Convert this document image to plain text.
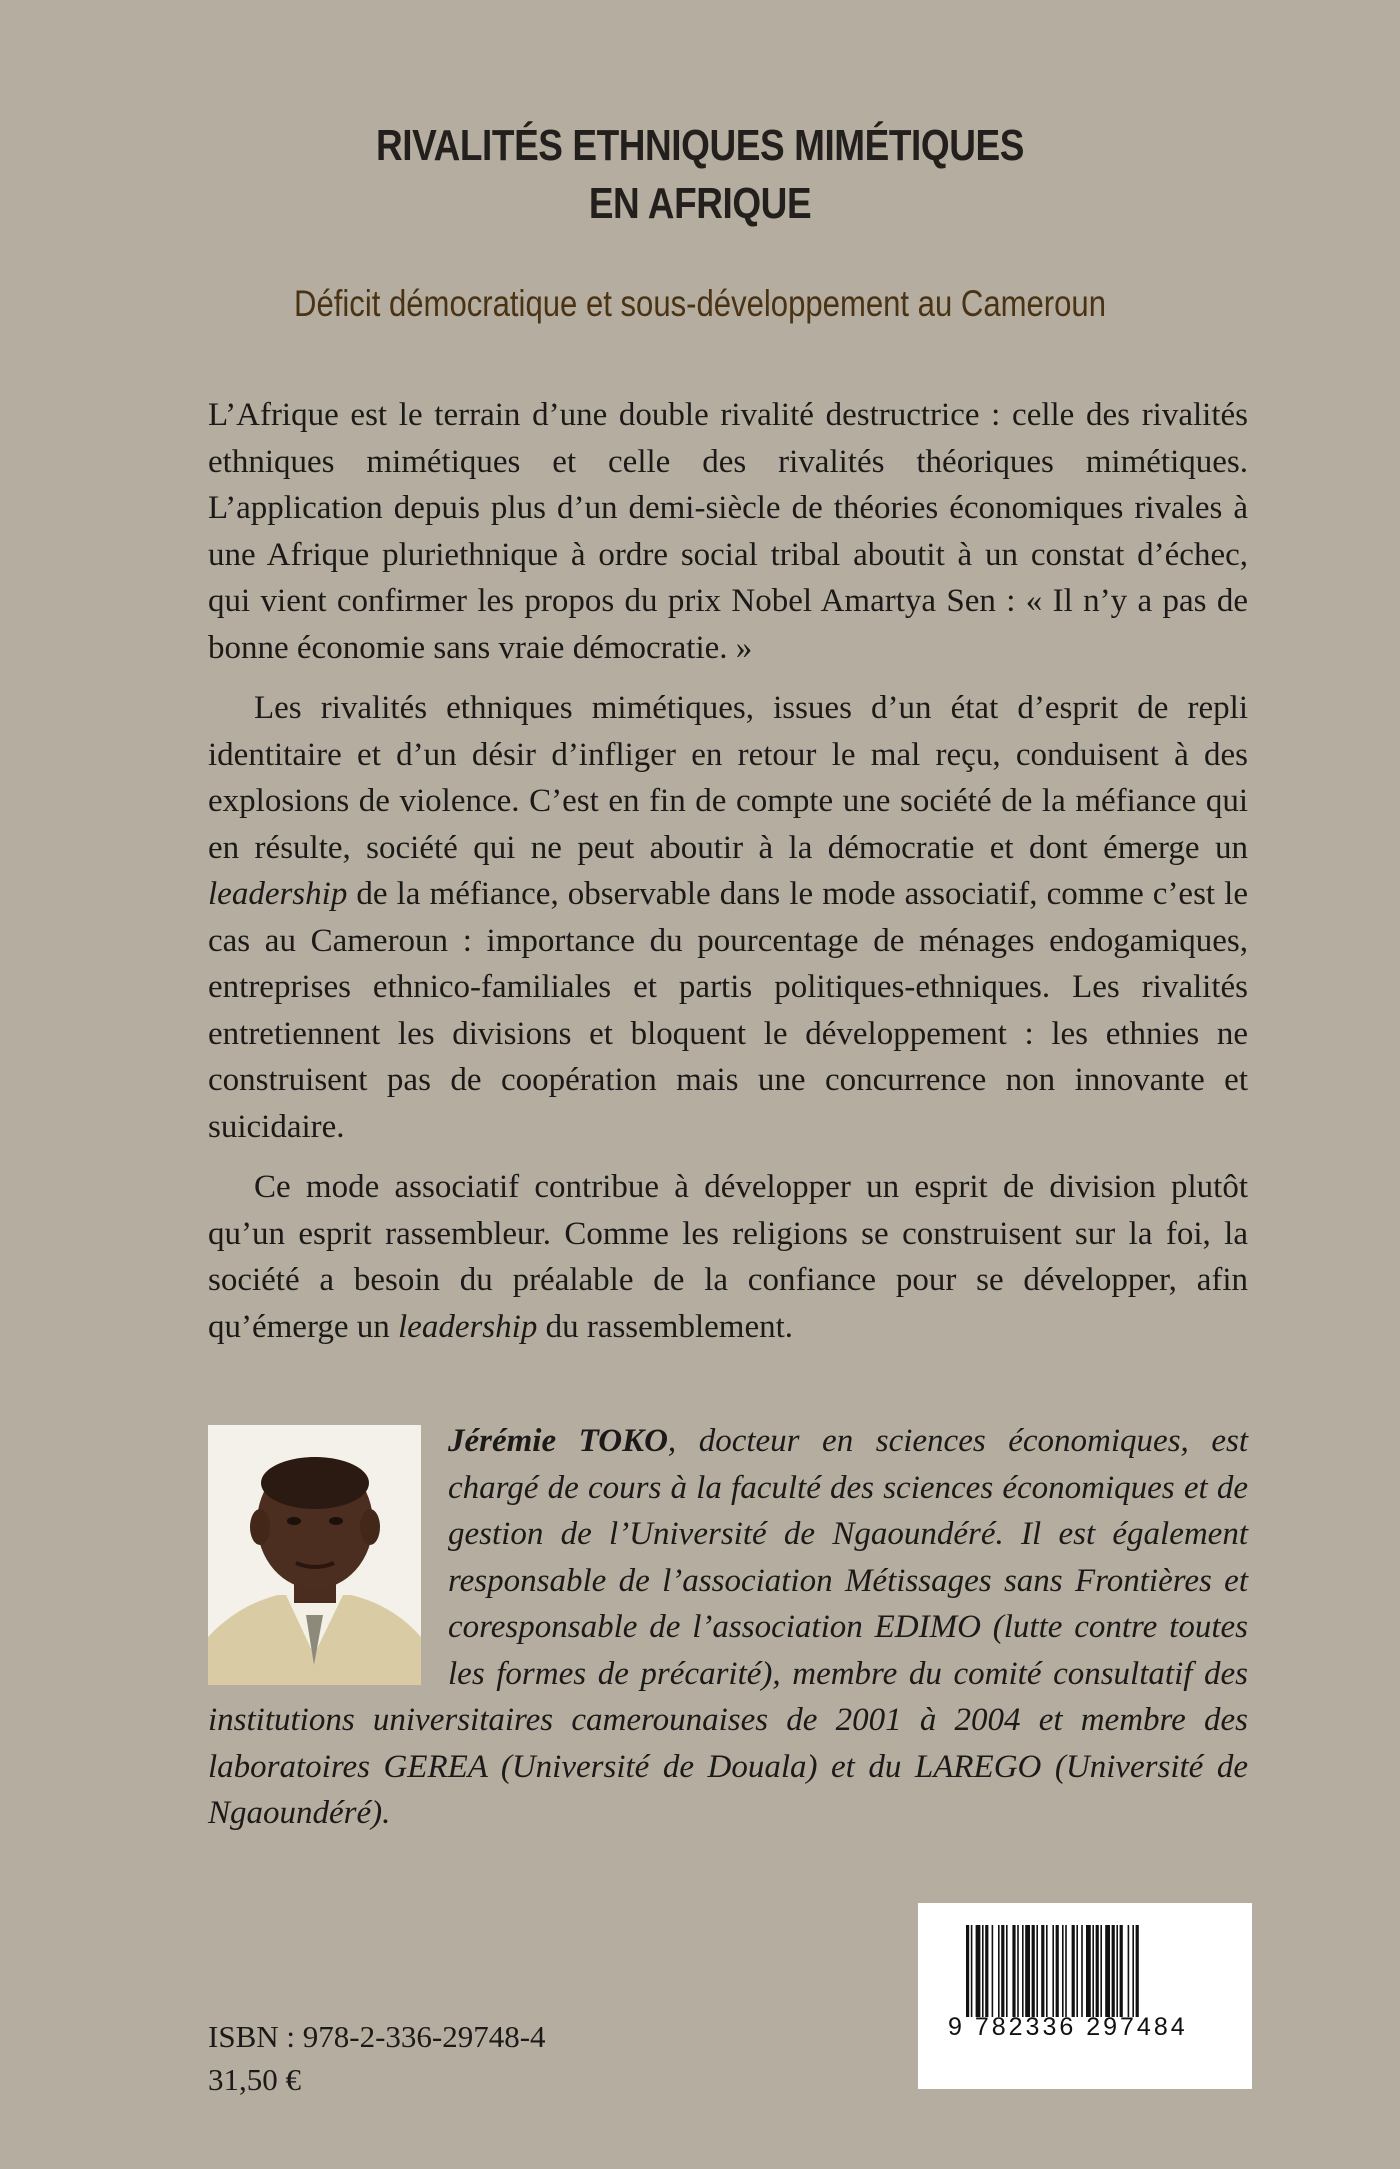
RIVALITÉS ETHNIQUES MIMÉTIQUES
EN AFRIQUE
Déficit démocratique et sous-développement au Cameroun

L’Afrique est le terrain d’une double rivalité destructrice : celle des rivalités ethniques mimétiques et celle des rivalités théoriques mimétiques. L’application depuis plus d’un demi-siècle de théories économiques rivales à une Afrique pluriethnique à ordre social tribal aboutit à un constat d’échec, qui vient confirmer les propos du prix Nobel Amartya Sen : « Il n’y a pas de bonne économie sans vraie démocratie. »

Les rivalités ethniques mimétiques, issues d’un état d’esprit de repli identitaire et d’un désir d’infliger en retour le mal reçu, conduisent à des explosions de violence. C’est en fin de compte une société de la méfiance qui en résulte, société qui ne peut aboutir à la démocratie et dont émerge un leadership de la méfiance, observable dans le mode associatif, comme c’est le cas au Cameroun : importance du pourcentage de ménages endogamiques, entreprises ethnico-familiales et partis politiques-ethniques. Les rivalités entretiennent les divisions et bloquent le développement : les ethnies ne construisent pas de coopération mais une concurrence non innovante et suicidaire.

Ce mode associatif contribue à développer un esprit de division plutôt qu’un esprit rassembleur. Comme les religions se construisent sur la foi, la société a besoin du préalable de la confiance pour se développer, afin qu’émerge un leadership du rassemblement.

Jérémie TOKO, docteur en sciences économiques, est chargé de cours à la faculté des sciences économiques et de gestion de l’Université de Ngaoundéré. Il est également responsable de l’association Métissages sans Frontières et coresponsable de l’association EDIMO (lutte contre toutes les formes de précarité), membre du comité consultatif des institutions universitaires camerounaises de 2001 à 2004 et membre des laboratoires GEREA (Université de Douala) et du LAREGO (Université de Ngaoundéré).
ISBN : 978-2-336-29748-4
31,50 €
9 782336 297484
